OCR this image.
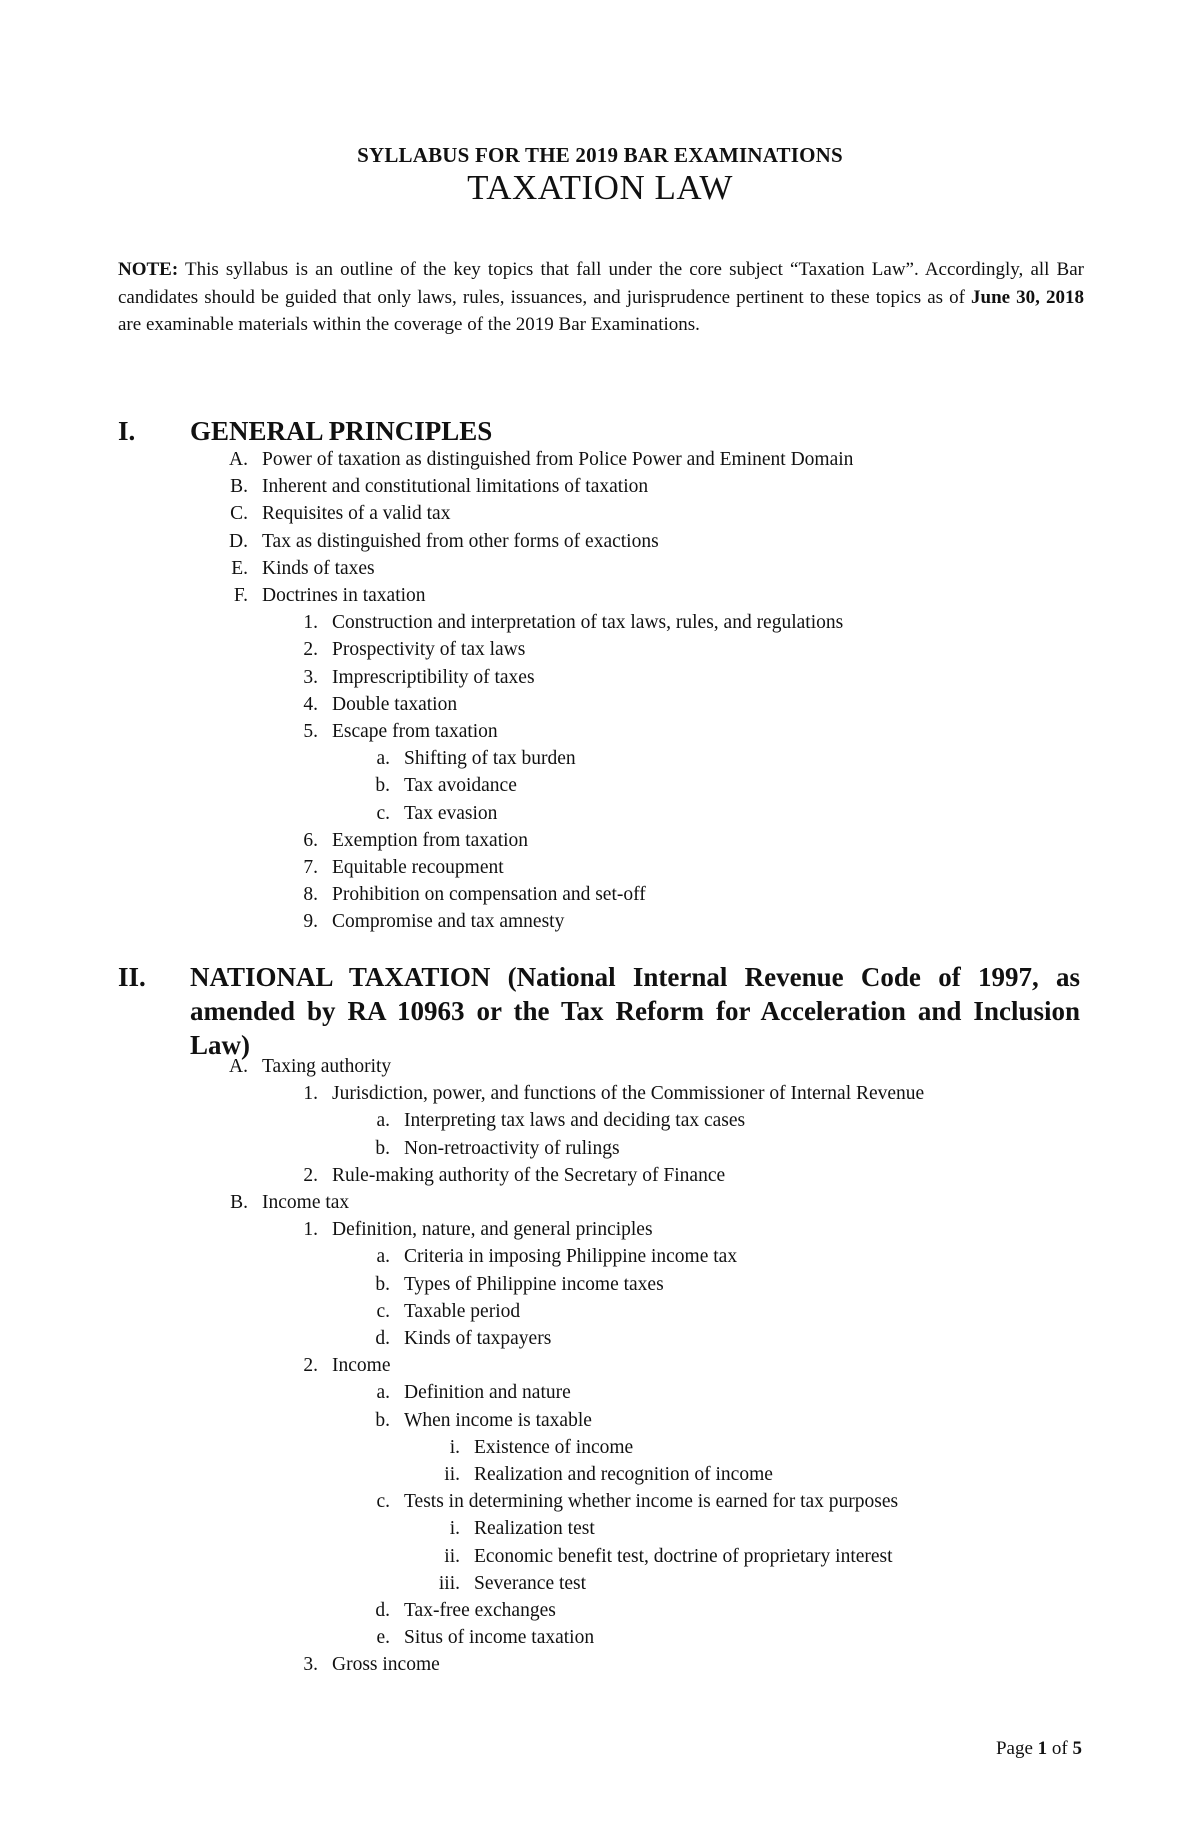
SYLLABUS FOR THE 2019 BAR EXAMINATIONS
TAXATION LAW
NOTE: This syllabus is an outline of the key topics that fall under the core subject “Taxation Law”. Accordingly, all Bar candidates should be guided that only laws, rules, issuances, and jurisprudence pertinent to these topics as of June 30, 2018 are examinable materials within the coverage of the 2019 Bar Examinations.
I. GENERAL PRINCIPLES
A. Power of taxation as distinguished from Police Power and Eminent Domain
B. Inherent and constitutional limitations of taxation
C. Requisites of a valid tax
D. Tax as distinguished from other forms of exactions
E. Kinds of taxes
F. Doctrines in taxation
1. Construction and interpretation of tax laws, rules, and regulations
2. Prospectivity of tax laws
3. Imprescriptibility of taxes
4. Double taxation
5. Escape from taxation
a. Shifting of tax burden
b. Tax avoidance
c. Tax evasion
6. Exemption from taxation
7. Equitable recoupment
8. Prohibition on compensation and set-off
9. Compromise and tax amnesty
II. NATIONAL TAXATION (National Internal Revenue Code of 1997, as amended by RA 10963 or the Tax Reform for Acceleration and Inclusion Law)
A. Taxing authority
1. Jurisdiction, power, and functions of the Commissioner of Internal Revenue
a. Interpreting tax laws and deciding tax cases
b. Non-retroactivity of rulings
2. Rule-making authority of the Secretary of Finance
B. Income tax
1. Definition, nature, and general principles
a. Criteria in imposing Philippine income tax
b. Types of Philippine income taxes
c. Taxable period
d. Kinds of taxpayers
2. Income
a. Definition and nature
b. When income is taxable
i. Existence of income
ii. Realization and recognition of income
c. Tests in determining whether income is earned for tax purposes
i. Realization test
ii. Economic benefit test, doctrine of proprietary interest
iii. Severance test
d. Tax-free exchanges
e. Situs of income taxation
3. Gross income
Page 1 of 5
